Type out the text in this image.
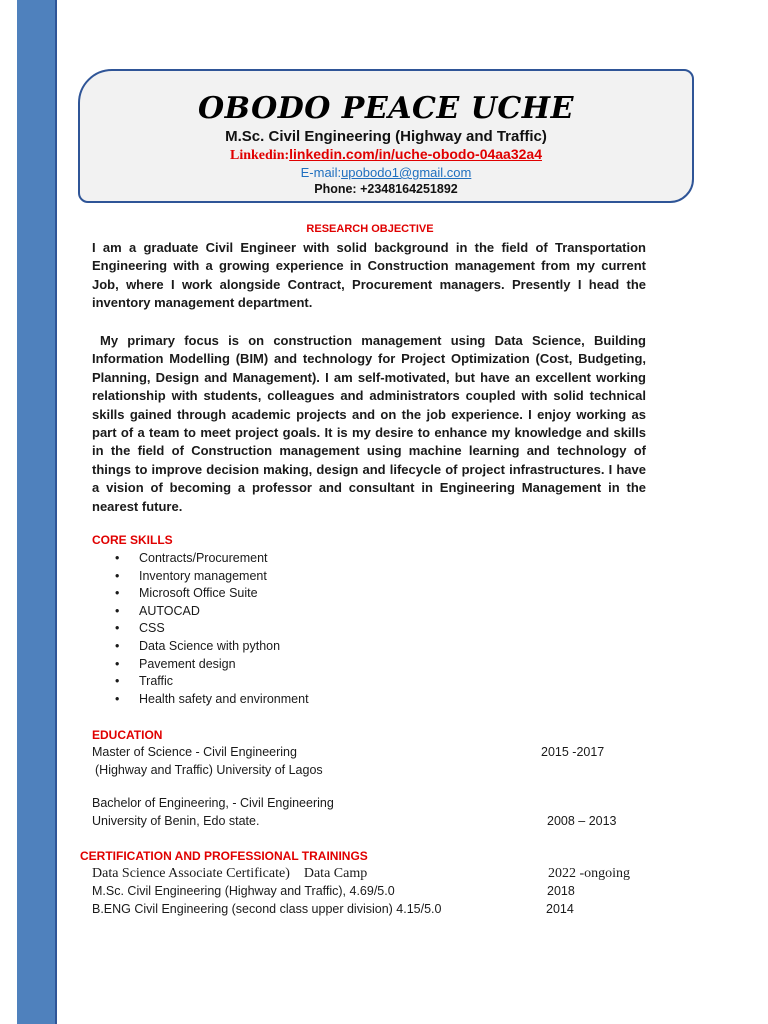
OBODO PEACE UCHE
M.Sc. Civil Engineering (Highway and Traffic)
Linkedin:linkedin.com/in/uche-obodo-04aa32a4
E-mail:upobodo1@gmail.com
Phone: +2348164251892
RESEARCH OBJECTIVE
I am a graduate Civil Engineer with solid background in the field of Transportation Engineering with a growing experience in Construction management from my current Job, where I work alongside Contract, Procurement managers. Presently I head the inventory management department.
My primary focus is on construction management using Data Science, Building Information Modelling (BIM) and technology for Project Optimization (Cost, Budgeting, Planning, Design and Management). I am self-motivated, but have an excellent working relationship with students, colleagues and administrators coupled with solid technical skills gained through academic projects and on the job experience. I enjoy working as part of a team to meet project goals. It is my desire to enhance my knowledge and skills in the field of Construction management using machine learning and technology of things to improve decision making, design and lifecycle of project infrastructures. I have a vision of becoming a professor and consultant in Engineering Management in the nearest future.
CORE SKILLS
• Contracts/Procurement
• Inventory management
• Microsoft Office Suite
• AUTOCAD
• CSS
• Data Science with python
• Pavement design
• Traffic
• Health safety and environment
EDUCATION
Master of Science - Civil Engineering	2015 -2017
(Highway and Traffic) University of Lagos
Bachelor of Engineering, - Civil Engineering
University of Benin, Edo state.	2008 – 2013
CERTIFICATION AND PROFESSIONAL TRAININGS
Data Science Associate Certificate)    Data Camp	2022 -ongoing
M.Sc. Civil Engineering (Highway and Traffic), 4.69/5.0	2018
B.ENG Civil Engineering (second class upper division) 4.15/5.0	2014
